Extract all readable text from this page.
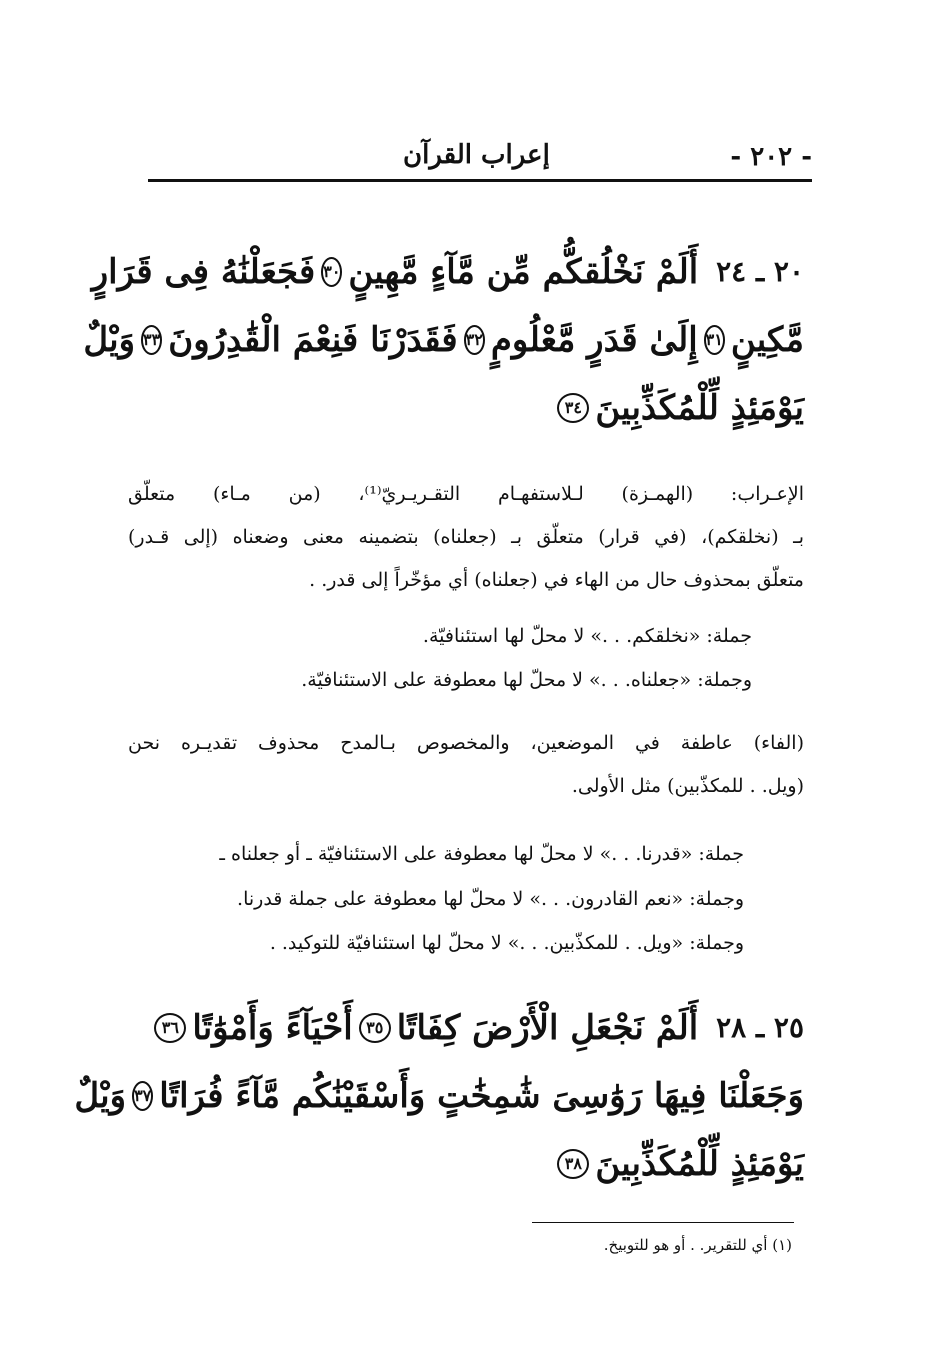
- ٢٠٢ -
إعراب القرآن
٢٠ ـ ٢٤
أَلَمْ نَخْلُقكُّم مِّن مَّآءٍ مَّهِينٍ
٣٠
فَجَعَلْنَٰهُ فِى قَرَارٍ
مَّكِينٍ
٣١
إِلَىٰ قَدَرٍ مَّعْلُومٍ
٣٢
فَقَدَرْنَا فَنِعْمَ الْقَٰدِرُونَ
٣٣
وَيْلٌ
يَوْمَئِذٍ لِّلْمُكَذِّبِينَ
٣٤
الإعـراب: (الهمـزة) لـلاستفهـام التقـريـريّ⁽¹⁾، (من مـاء) متعلّق
بـ (نخلقكم)، (في قرار) متعلّق بـ (جعلناه) بتضمينه معنى وضعناه (إلى قـدر)
متعلّق بمحذوف حال من الهاء في (جعلناه) أي مؤخّراً إلى قدر. .
جملة: «نخلقكم. . .» لا محلّ لها استئنافيّة.
وجملة: «جعلناه. . .» لا محلّ لها معطوفة على الاستئنافيّة.
(الفاء) عاطفة في الموضعين، والمخصوص بـالمدح محذوف تقديـره نحن
(ويل. . للمكذّبين) مثل الأولى.
جملة: «قدرنا. . .» لا محلّ لها معطوفة على الاستئنافيّة ـ أو جعلناه ـ
وجملة: «نعم القادرون. . .» لا محلّ لها معطوفة على جملة قدرنا.
وجملة: «ويل. . للمكذّبين. . .» لا محلّ لها استئنافيّة للتوكيد. .
٢٥ ـ ٢٨
أَلَمْ نَجْعَلِ الْأَرْضَ كِفَاتًا
٣٥
أَحْيَآءً وَأَمْوَٰتًا
٣٦
وَجَعَلْنَا فِيهَا رَوَٰسِىَ شَٰمِخَٰتٍ وَأَسْقَيْنَٰكُم مَّآءً فُرَاتًا
٣٧
وَيْلٌ
يَوْمَئِذٍ لِّلْمُكَذِّبِينَ
٣٨
(١) أي للتقرير. . أو هو للتوبيخ.
